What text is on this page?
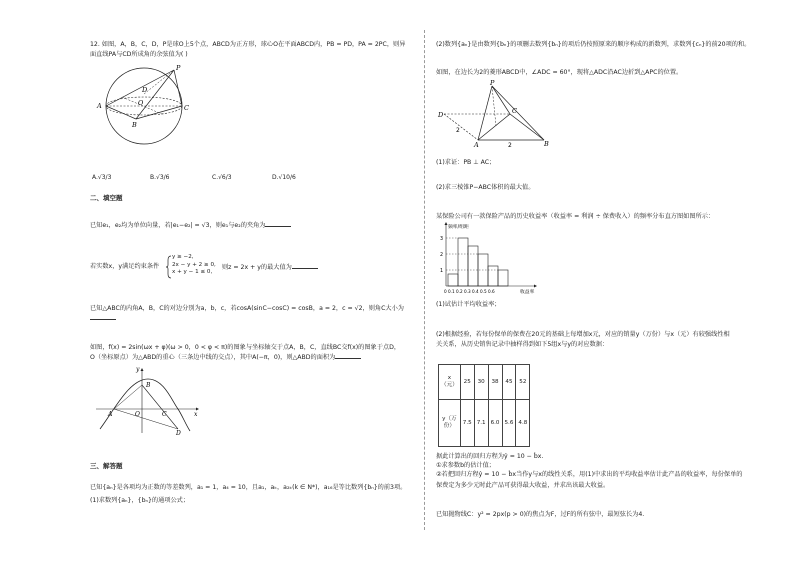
12. 如图，A，B，C，D，P是球O上5个点，ABCD为正方形，球心O在平面ABCD内，PB = PD，PA = 2PC，则异
面直线PA与CD所成角的余弦值为( )
P
A
B
C
D
O
A.√3/3	B.√3/6	C.√6/3	D.√10/6
二、填空题
已知e₁，e₂均为单位向量，若|e₁−e₂| = √3，则e₁与e₂的夹角为
若实数x，y满足约束条件
y ≥ −2,
2x − y + 2 ≥ 0,
x + y − 1 ≤ 0,
则z = 2x + y的最大值为
已知△ABC的内角A，B，C的对边分别为a，b，c，若cosA(sinC−cosC) = cosB，a = 2，c = √2，则角C大小为
如图，f(x) = 2sin(ωx + φ)(ω > 0，0 < φ < π)的图象与坐标轴交于点A，B，C，直线BC交f(x)的图象于点D，
O（坐标原点）为△ABD的重心（三条边中线的交点），其中A(−π，0)，则△ABD的面积为
y
B
A	O	C	x
D
三、解答题
已知{aₙ}是各项均为正数的等差数列，a₁ = 1，a₄ = 10，且a₁，aₖ，a₂ₖ(k ∈ N*)，a₁₆是等比数列{bₙ}的前3项。
(1)求数列{aₙ}，{bₙ}的通项公式；
(2)数列{aₙ}是由数列{bₙ}的项删去数列{bₙ}的项后仍按照原来的顺序构成的新数列，求数列{cₙ}的前20项的和。
如图，在边长为2的菱形ABCD中，∠ADC = 60°，现将△ADC沿AC边折到△APC的位置。
P
D	C
A	B
2
2
(1)求证：PB ⊥ AC；
(2)求三棱锥P−ABC体积的最大值。
某保险公司有一款保险产品的历史收益率（收益率 = 利润 ÷ 保费收入）的频率分布直方图如图所示：
频率/组距
3
2
1
0 0.1 0.2 0.3 0.4 0.5 0.6	收益率
(1)试估计平均收益率；
(2)根据经验，若每份保单的保费在20元的基础上每增加x元，对应的销量y（万份）与x（元）有较强线性相
关关系，从历史销售记录中抽样得到如下5组x与y的对应数据：
x（元）	25	30	38	45	52
y（万份）	7.5	7.1	6.0	5.6	4.8
据此计算出的回归方程为ŷ = 10 − b̂x.
①求参数b的估计值；
②若把回归方程ŷ = 10 − b̂x当作y与x的线性关系，用(1)中求出的平均收益率估计此产品的收益率，每份保单的
保费定为多少元时此产品可获得最大收益，并求出该最大收益。
已知抛物线C：y² = 2px(p > 0)的焦点为F，过F的所有弦中，最短弦长为4.
